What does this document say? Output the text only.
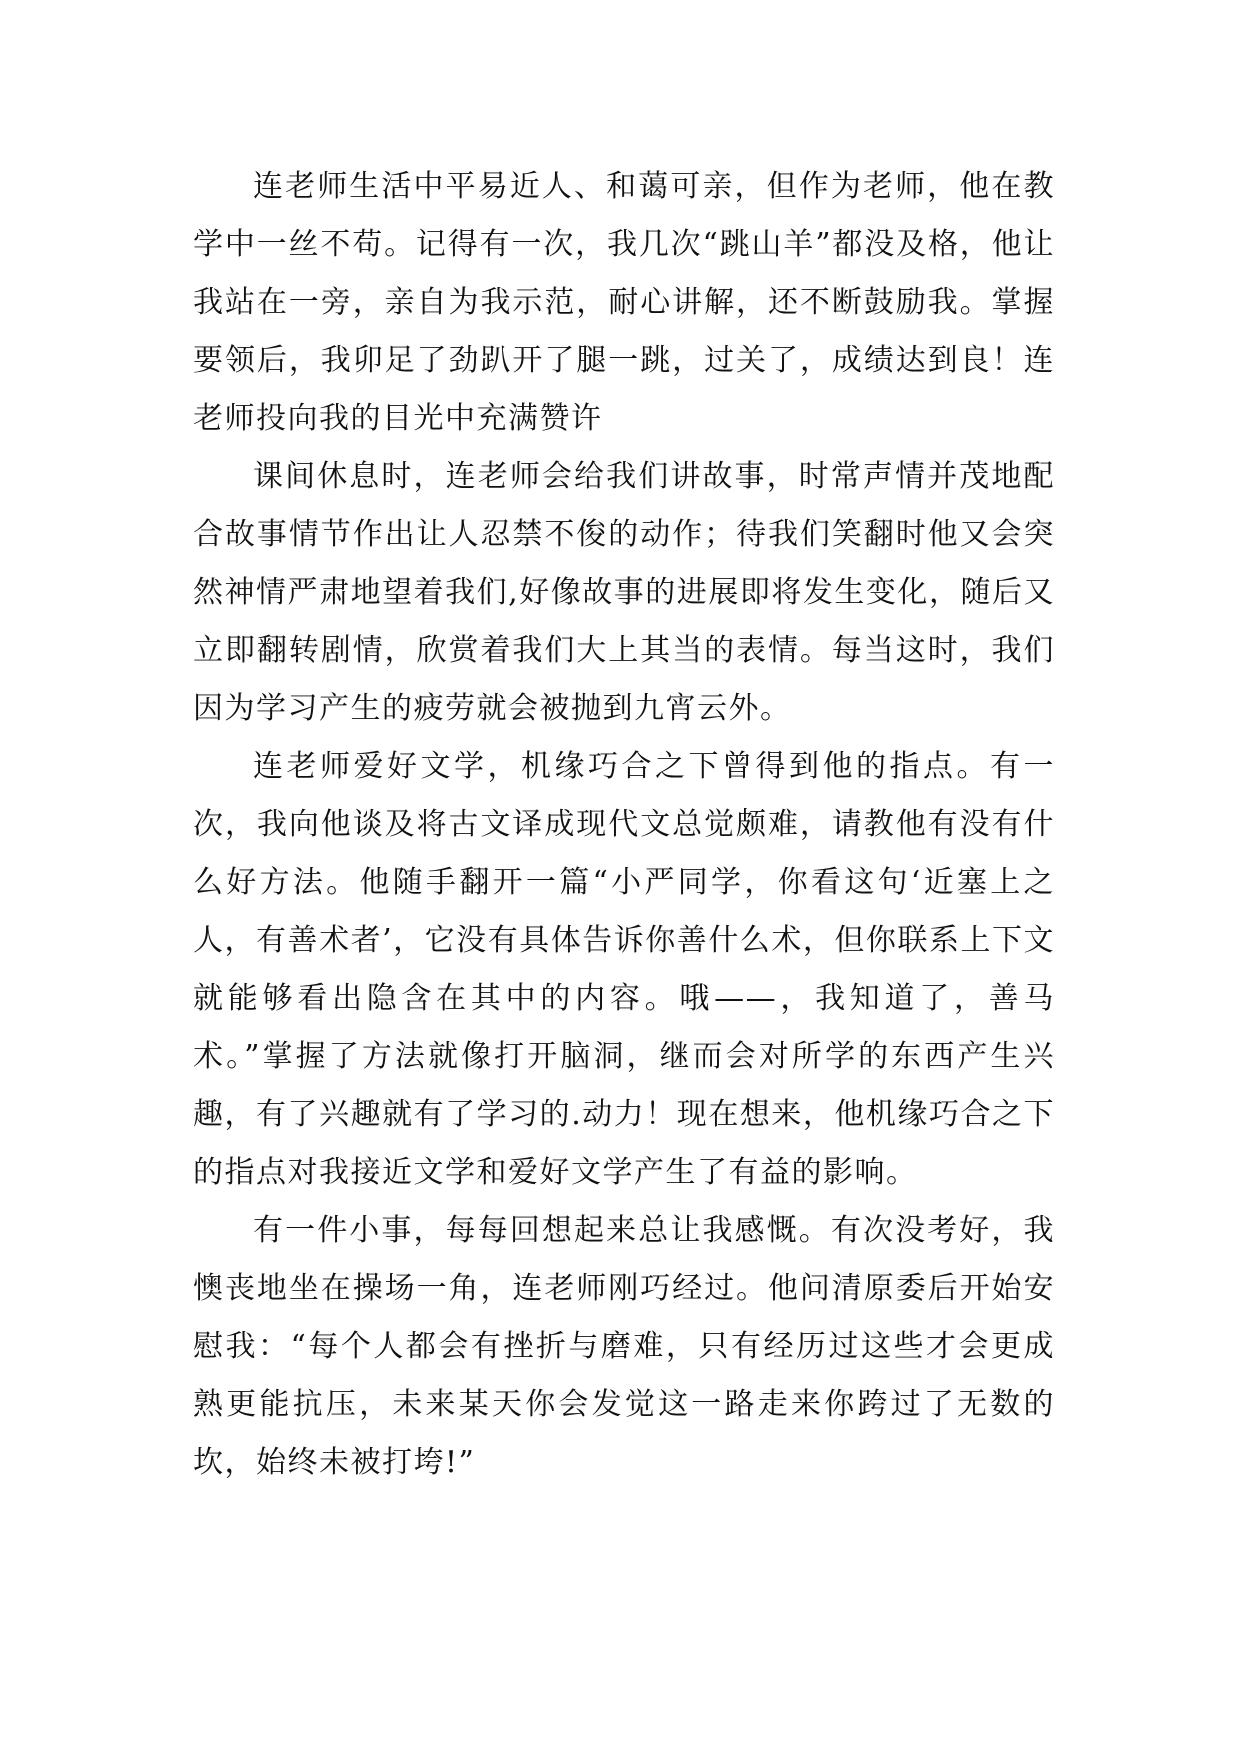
连老师生活中平易近人、和蔼可亲，但作为老师，他在教学中一丝不苟。记得有一次，我几次“跳山羊”都没及格，他让我站在一旁，亲自为我示范，耐心讲解，还不断鼓励我。掌握要领后，我卯足了劲趴开了腿一跳，过关了，成绩达到良！连老师投向我的目光中充满赞许

课间休息时，连老师会给我们讲故事，时常声情并茂地配合故事情节作出让人忍禁不俊的动作；待我们笑翻时他又会突然神情严肃地望着我们,好像故事的进展即将发生变化，随后又立即翻转剧情，欣赏着我们大上其当的表情。每当这时，我们因为学习产生的疲劳就会被抛到九宵云外。

连老师爱好文学，机缘巧合之下曾得到他的指点。有一次，我向他谈及将古文译成现代文总觉颇难，请教他有没有什么好方法。他随手翻开一篇“小严同学，你看这句‘近塞上之人，有善术者’，它没有具体告诉你善什么术，但你联系上下文就能够看出隐含在其中的内容。哦——，我知道了，善马术。”掌握了方法就像打开脑洞，继而会对所学的东西产生兴趣，有了兴趣就有了学习的.动力！现在想来，他机缘巧合之下的指点对我接近文学和爱好文学产生了有益的影响。

有一件小事，每每回想起来总让我感慨。有次没考好，我懊丧地坐在操场一角，连老师刚巧经过。他问清原委后开始安慰我：“每个人都会有挫折与磨难，只有经历过这些才会更成熟更能抗压，未来某天你会发觉这一路走来你跨过了无数的坎，始终未被打垮!”
